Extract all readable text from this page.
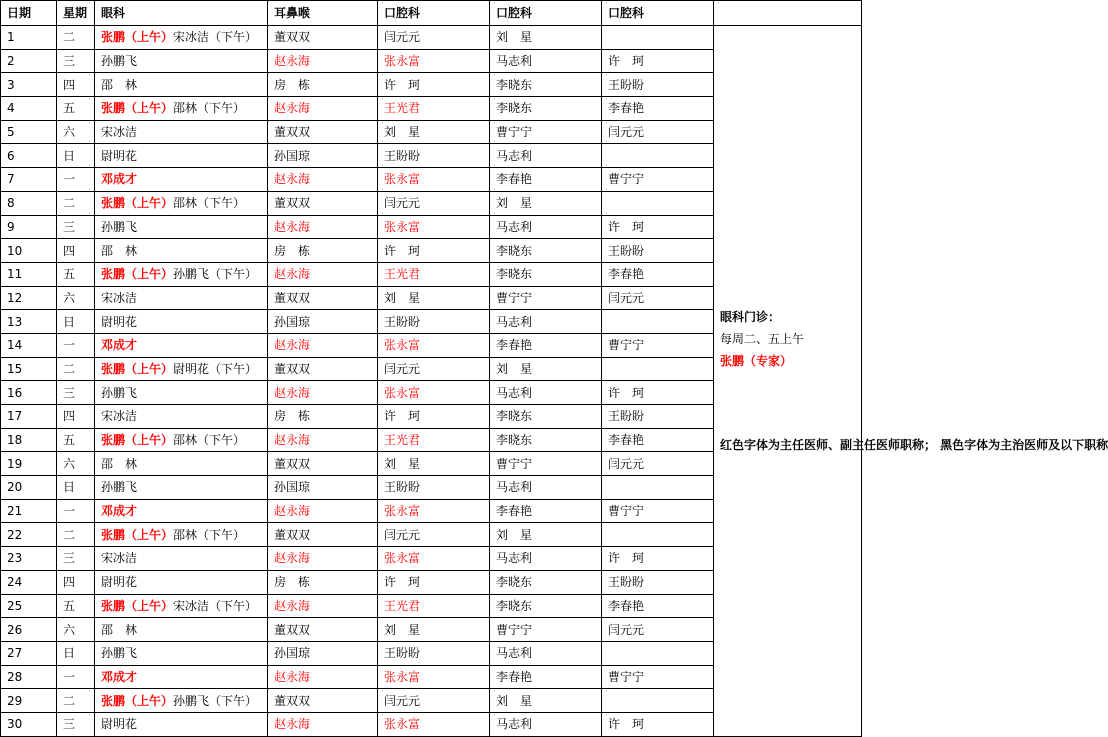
日期	星期	眼科	耳鼻喉	口腔科	口腔科	口腔科	
1	二	张鹏（上午）宋冰洁（下午）	董双双	闫元元	刘　星		眼科门诊：
每周二、五上午
张鹏（专家）
红色字体为主任医师、副主任医师职称； 黑色字体为主治医师及以下职称

2	三	孙鹏飞	赵永海	张永富	马志利	许　珂	
3	四	邵　林	房　栋	许　珂	李晓东	王盼盼	
4	五	张鹏（上午）邵林（下午）	赵永海	王光君	李晓东	李春艳	
5	六	宋冰洁	董双双	刘　星	曹宁宁	闫元元	
6	日	尉明花	孙国琼	王盼盼	马志利		
7	一	邓成才	赵永海	张永富	李春艳	曹宁宁	
8	二	张鹏（上午）邵林（下午）	董双双	闫元元	刘　星		
9	三	孙鹏飞	赵永海	张永富	马志利	许　珂	
10	四	邵　林	房　栋	许　珂	李晓东	王盼盼	
11	五	张鹏（上午）孙鹏飞（下午）	赵永海	王光君	李晓东	李春艳	
12	六	宋冰洁	董双双	刘　星	曹宁宁	闫元元	
13	日	尉明花	孙国琼	王盼盼	马志利		
14	一	邓成才	赵永海	张永富	李春艳	曹宁宁	
15	二	张鹏（上午）尉明花（下午）	董双双	闫元元	刘　星		
16	三	孙鹏飞	赵永海	张永富	马志利	许　珂	
17	四	宋冰洁	房　栋	许　珂	李晓东	王盼盼	
18	五	张鹏（上午）邵林（下午）	赵永海	王光君	李晓东	李春艳	
19	六	邵　林	董双双	刘　星	曹宁宁	闫元元	
20	日	孙鹏飞	孙国琼	王盼盼	马志利		
21	一	邓成才	赵永海	张永富	李春艳	曹宁宁	
22	二	张鹏（上午）邵林（下午）	董双双	闫元元	刘　星		
23	三	宋冰洁	赵永海	张永富	马志利	许　珂	
24	四	尉明花	房　栋	许　珂	李晓东	王盼盼	
25	五	张鹏（上午）宋冰洁（下午）	赵永海	王光君	李晓东	李春艳	
26	六	邵　林	董双双	刘　星	曹宁宁	闫元元	
27	日	孙鹏飞	孙国琼	王盼盼	马志利		
28	一	邓成才	赵永海	张永富	李春艳	曹宁宁	
29	二	张鹏（上午）孙鹏飞（下午）	董双双	闫元元	刘　星		
30	三	尉明花	赵永海	张永富	马志利	许　珂	
